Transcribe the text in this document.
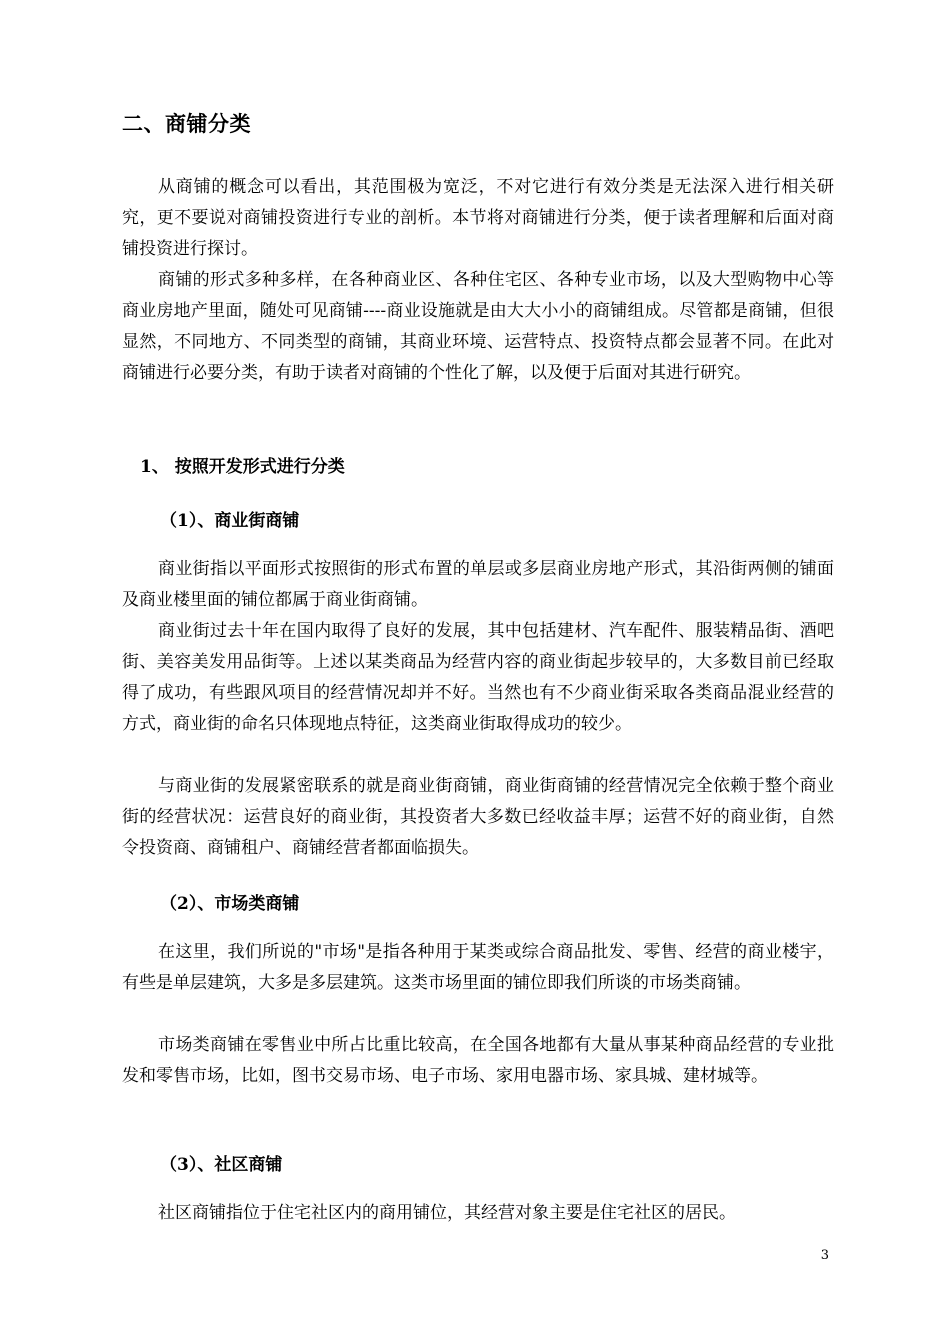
二、商铺分类

从商铺的概念可以看出，其范围极为宽泛，不对它进行有效分类是无法深入进行相关研究，更不要说对商铺投资进行专业的剖析。本节将对商铺进行分类，便于读者理解和后面对商铺投资进行探讨。

商铺的形式多种多样，在各种商业区、各种住宅区、各种专业市场，以及大型购物中心等商业房地产里面，随处可见商铺----商业设施就是由大大小小的商铺组成。尽管都是商铺，但很显然，不同地方、不同类型的商铺，其商业环境、运营特点、投资特点都会显著不同。在此对商铺进行必要分类，有助于读者对商铺的个性化了解，以及便于后面对其进行研究。

1、 按照开发形式进行分类
（1）、商业街商铺

商业街指以平面形式按照街的形式布置的单层或多层商业房地产形式，其沿街两侧的铺面及商业楼里面的铺位都属于商业街商铺。

商业街过去十年在国内取得了良好的发展，其中包括建材、汽车配件、服装精品街、酒吧街、美容美发用品街等。上述以某类商品为经营内容的商业街起步较早的，大多数目前已经取得了成功，有些跟风项目的经营情况却并不好。当然也有不少商业街采取各类商品混业经营的方式，商业街的命名只体现地点特征，这类商业街取得成功的较少。

与商业街的发展紧密联系的就是商业街商铺，商业街商铺的经营情况完全依赖于整个商业街的经营状况：运营良好的商业街，其投资者大多数已经收益丰厚；运营不好的商业街，自然令投资商、商铺租户、商铺经营者都面临损失。

（2）、市场类商铺

在这里，我们所说的"市场"是指各种用于某类或综合商品批发、零售、经营的商业楼宇，有些是单层建筑，大多是多层建筑。这类市场里面的铺位即我们所谈的市场类商铺。

市场类商铺在零售业中所占比重比较高，在全国各地都有大量从事某种商品经营的专业批发和零售市场，比如，图书交易市场、电子市场、家用电器市场、家具城、建材城等。

（3）、社区商铺

社区商铺指位于住宅社区内的商用铺位，其经营对象主要是住宅社区的居民。

3
